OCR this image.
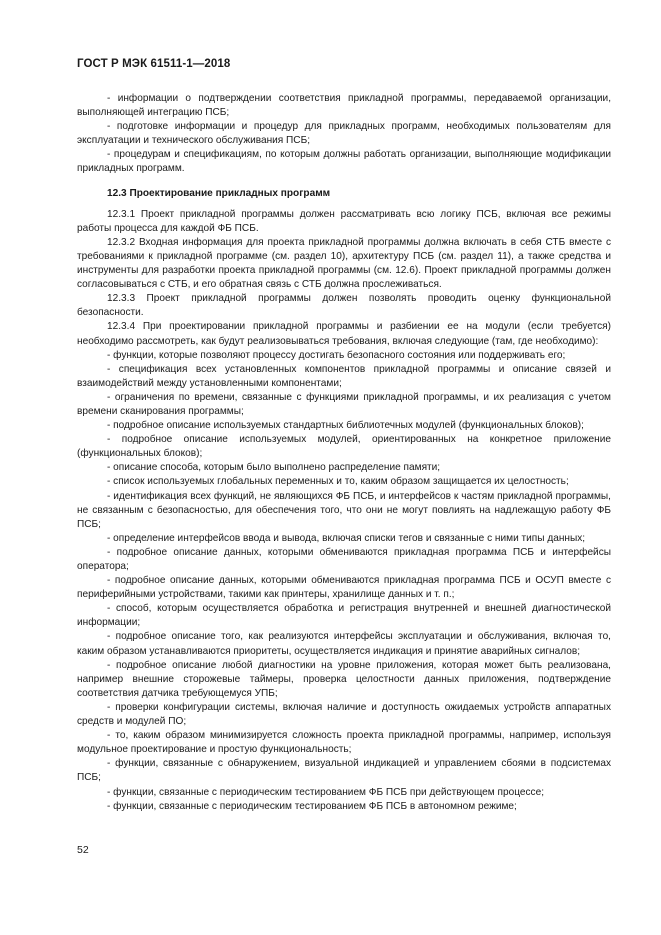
ГОСТ Р МЭК 61511-1—2018

- информации о подтверждении соответствия прикладной программы, передаваемой организации, выполняющей интеграцию ПСБ;

- подготовке информации и процедур для прикладных программ, необходимых пользователям для эксплуатации и технического обслуживания ПСБ;

- процедурам и спецификациям, по которым должны работать организации, выполняющие модификации прикладных программ.

12.3 Проектирование прикладных программ

12.3.1 Проект прикладной программы должен рассматривать всю логику ПСБ, включая все режимы работы процесса для каждой ФБ ПСБ.

12.3.2 Входная информация для проекта прикладной программы должна включать в себя СТБ вместе с требованиями к прикладной программе (см. раздел 10), архитектуру ПСБ (см. раздел 11), а также средства и инструменты для разработки проекта прикладной программы (см. 12.6). Проект прикладной программы должен согласовываться с СТБ, и его обратная связь с СТБ должна прослеживаться.

12.3.3 Проект прикладной программы должен позволять проводить оценку функциональной безопасности.

12.3.4 При проектировании прикладной программы и разбиении ее на модули (если требуется) необходимо рассмотреть, как будут реализовываться требования, включая следующие (там, где необходимо):

- функции, которые позволяют процессу достигать безопасного состояния или поддерживать его;

- спецификация всех установленных компонентов прикладной программы и описание связей и взаимодействий между установленными компонентами;

- ограничения по времени, связанные с функциями прикладной программы, и их реализация с учетом времени сканирования программы;

- подробное описание используемых стандартных библиотечных модулей (функциональных блоков);

- подробное описание используемых модулей, ориентированных на конкретное приложение (функциональных блоков);

- описание способа, которым было выполнено распределение памяти;

- список используемых глобальных переменных и то, каким образом защищается их целостность;

- идентификация всех функций, не являющихся ФБ ПСБ, и интерфейсов к частям прикладной программы, не связанным с безопасностью, для обеспечения того, что они не могут повлиять на надлежащую работу ФБ ПСБ;

- определение интерфейсов ввода и вывода, включая списки тегов и связанные с ними типы данных;

- подробное описание данных, которыми обмениваются прикладная программа ПСБ и интерфейсы оператора;

- подробное описание данных, которыми обмениваются прикладная программа ПСБ и ОСУП вместе с периферийными устройствами, такими как принтеры, хранилище данных и т. п.;

- способ, которым осуществляется обработка и регистрация внутренней и внешней диагностической информации;

- подробное описание того, как реализуются интерфейсы эксплуатации и обслуживания, включая то, каким образом устанавливаются приоритеты, осуществляется индикация и принятие аварийных сигналов;

- подробное описание любой диагностики на уровне приложения, которая может быть реализована, например внешние сторожевые таймеры, проверка целостности данных приложения, подтверждение соответствия датчика требующемуся УПБ;

- проверки конфигурации системы, включая наличие и доступность ожидаемых устройств аппаратных средств и модулей ПО;

- то, каким образом минимизируется сложность проекта прикладной программы, например, используя модульное проектирование и простую функциональность;

- функции, связанные с обнаружением, визуальной индикацией и управлением сбоями в подсистемах ПСБ;

- функции, связанные с периодическим тестированием ФБ ПСБ при действующем процессе;

- функции, связанные с периодическим тестированием ФБ ПСБ в автономном режиме;

52
